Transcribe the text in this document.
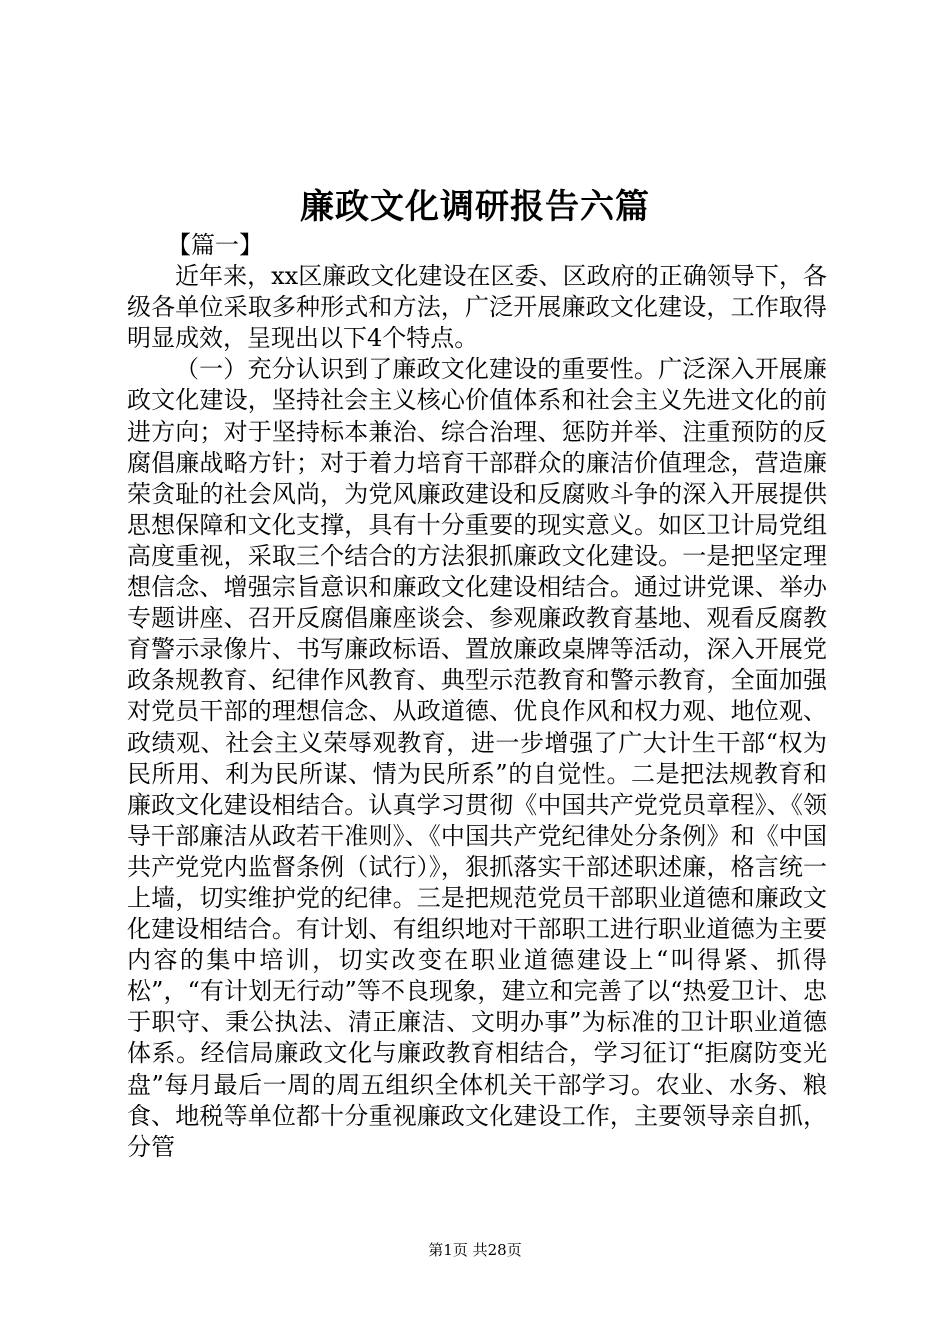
廉政文化调研报告六篇

【篇一】

近年来，xx区廉政文化建设在区委、区政府的正确领导下，各级各单位采取多种形式和方法，广泛开展廉政文化建设，工作取得明显成效，呈现出以下4个特点。

（一）充分认识到了廉政文化建设的重要性。广泛深入开展廉政文化建设，坚持社会主义核心价值体系和社会主义先进文化的前进方向；对于坚持标本兼治、综合治理、惩防并举、注重预防的反腐倡廉战略方针；对于着力培育干部群众的廉洁价值理念，营造廉荣贪耻的社会风尚，为党风廉政建设和反腐败斗争的深入开展提供思想保障和文化支撑，具有十分重要的现实意义。如区卫计局党组高度重视，采取三个结合的方法狠抓廉政文化建设。一是把坚定理想信念、增强宗旨意识和廉政文化建设相结合。通过讲党课、举办专题讲座、召开反腐倡廉座谈会、参观廉政教育基地、观看反腐教育警示录像片、书写廉政标语、置放廉政桌牌等活动，深入开展党政条规教育、纪律作风教育、典型示范教育和警示教育，全面加强对党员干部的理想信念、从政道德、优良作风和权力观、地位观、政绩观、社会主义荣辱观教育，进一步增强了广大计生干部“权为民所用、利为民所谋、情为民所系”的自觉性。二是把法规教育和廉政文化建设相结合。认真学习贯彻《中国共产党党员章程》、《领导干部廉洁从政若干准则》、《中国共产党纪律处分条例》和《中国共产党党内监督条例（试行）》，狠抓落实干部述职述廉，格言统一上墙，切实维护党的纪律。三是把规范党员干部职业道德和廉政文化建设相结合。有计划、有组织地对干部职工进行职业道德为主要内容的集中培训，切实改变在职业道德建设上“叫得紧、抓得松”，“有计划无行动”等不良现象，建立和完善了以“热爱卫计、忠于职守、秉公执法、清正廉洁、文明办事”为标准的卫计职业道德体系。经信局廉政文化与廉政教育相结合，学习征订“拒腐防变光盘”每月最后一周的周五组织全体机关干部学习。农业、水务、粮食、地税等单位都十分重视廉政文化建设工作，主要领导亲自抓，分管

第1页 共28页
